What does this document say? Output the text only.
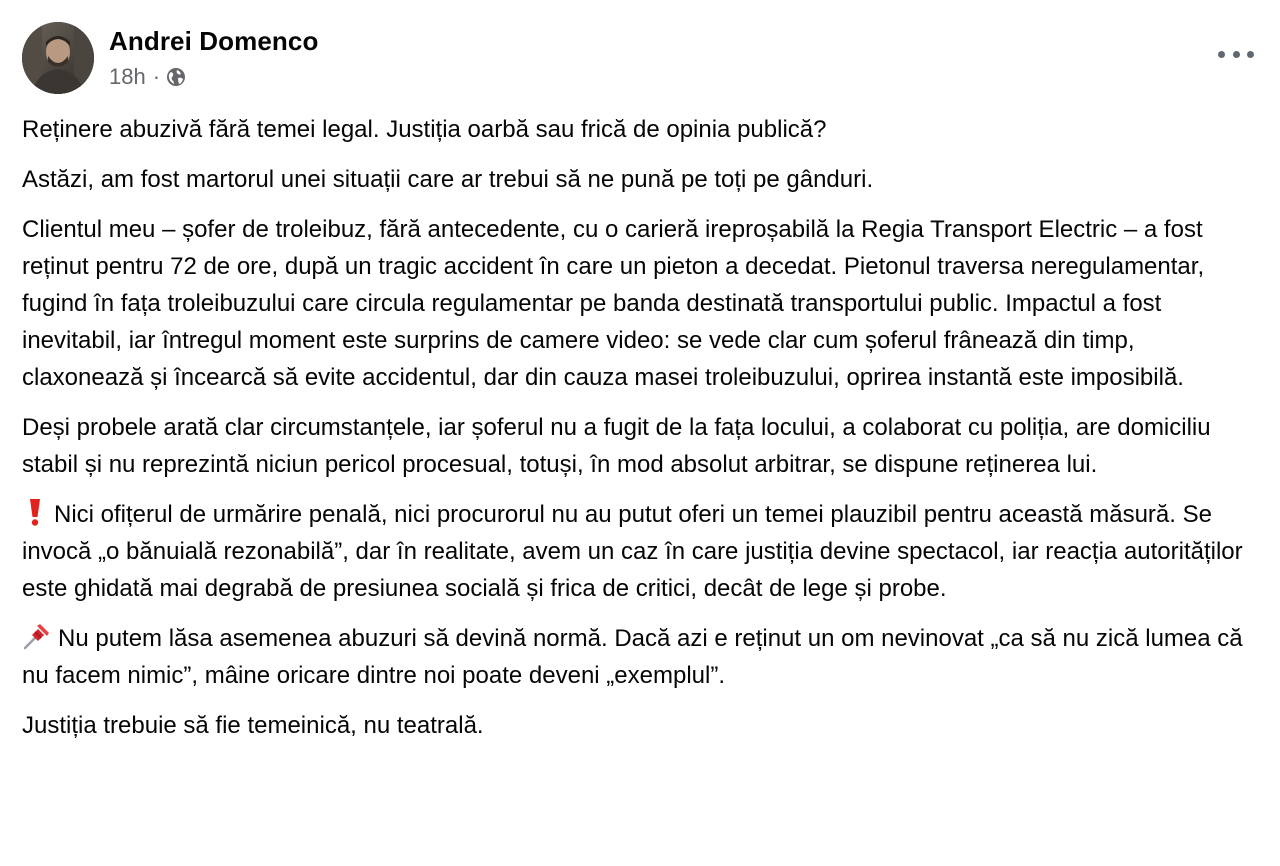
Andrei Domenco
18h ·

Reținere abuzivă fără temei legal. Justiția oarbă sau frică de opinia publică?

Astăzi, am fost martorul unei situații care ar trebui să ne pună pe toți pe gânduri.

Clientul meu – șofer de troleibuz, fără antecedente, cu o carieră ireproșabilă la Regia Transport Electric – a fost reținut pentru 72 de ore, după un tragic accident în care un pieton a decedat. Pietonul traversa neregulamentar, fugind în fața troleibuzului care circula regulamentar pe banda destinată transportului public. Impactul a fost inevitabil, iar întregul moment este surprins de camere video: se vede clar cum șoferul frânează din timp, claxonează și încearcă să evite accidentul, dar din cauza masei troleibuzului, oprirea instantă este imposibilă.

Deși probele arată clar circumstanțele, iar șoferul nu a fugit de la fața locului, a colaborat cu poliția, are domiciliu stabil și nu reprezintă niciun pericol procesual, totuși, în mod absolut arbitrar, se dispune reținerea lui.

Nici ofițerul de urmărire penală, nici procurorul nu au putut oferi un temei plauzibil pentru această măsură. Se invocă „o bănuială rezonabilă”, dar în realitate, avem un caz în care justiția devine spectacol, iar reacția autorităților este ghidată mai degrabă de presiunea socială și frica de critici, decât de lege și probe.

Nu putem lăsa asemenea abuzuri să devină normă. Dacă azi e reținut un om nevinovat „ca să nu zică lumea că nu facem nimic”, mâine oricare dintre noi poate deveni „exemplul”.

Justiția trebuie să fie temeinică, nu teatrală.
